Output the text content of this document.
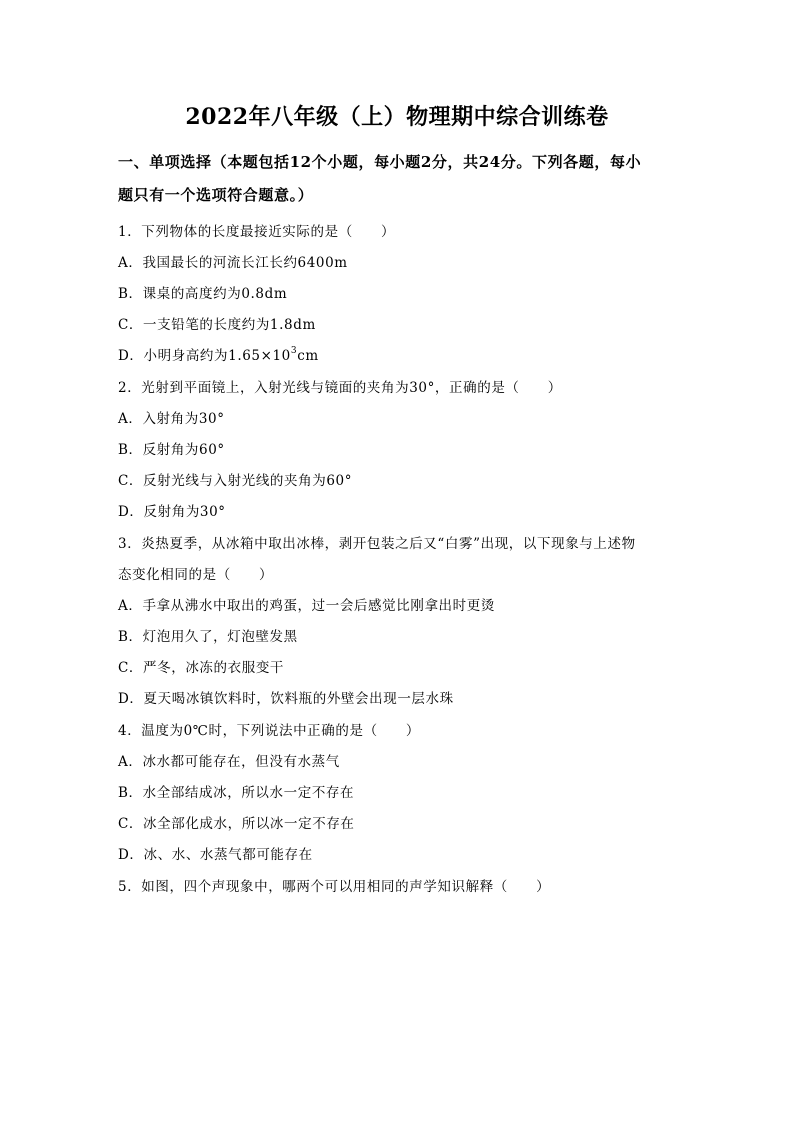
2022年八年级（上）物理期中综合训练卷
一、单项选择（本题包括12个小题，每小题2分，共24分。下列各题，每小
题只有一个选项符合题意。）
1．下列物体的长度最接近实际的是（　　）
A．我国最长的河流长江长约6400m
B．课桌的高度约为0.8dm
C．一支铅笔的长度约为1.8dm
D．小明身高约为$1.65\times 10^3cm$
2．光射到平面镜上，入射光线与镜面的夹角为30°，正确的是（　　）
A．入射角为30°
B．反射角为60°
C．反射光线与入射光线的夹角为60°
D．反射角为30°
3．炎热夏季，从冰箱中取出冰棒，剥开包装之后又“白雾”出现，以下现象与上述物
态变化相同的是（　　）
A．手拿从沸水中取出的鸡蛋，过一会后感觉比刚拿出时更烫
B．灯泡用久了，灯泡壁发黑
C．严冬，冰冻的衣服变干
D．夏天喝冰镇饮料时，饮料瓶的外壁会出现一层水珠
4．温度为0℃时，下列说法中正确的是（　　）
A．冰水都可能存在，但没有水蒸气
B．水全部结成冰，所以水一定不存在
C．冰全部化成水，所以冰一定不存在
D．冰、水、水蒸气都可能存在
5．如图，四个声现象中，哪两个可以用相同的声学知识解释（　　）
